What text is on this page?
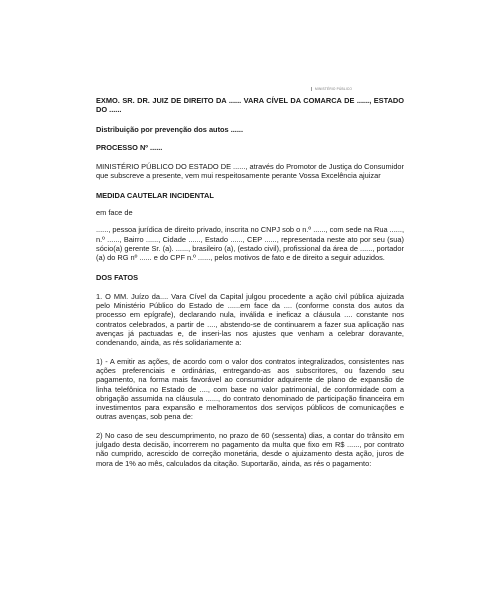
MINISTÉRIO PÚBLICO

EXMO. SR. DR. JUIZ DE DIREITO DA ...... VARA CÍVEL DA COMARCA DE ......, ESTADO DO ......

Distribuição por prevenção dos autos ......

PROCESSO Nº ......

MINISTÉRIO PÚBLICO DO ESTADO DE ......, através do Promotor de Justiça do Consumidor que subscreve a presente, vem mui respeitosamente perante Vossa Excelência ajuizar

MEDIDA CAUTELAR INCIDENTAL

em face de

......, pessoa jurídica de direito privado, inscrita no CNPJ sob o n.º ......, com sede na Rua ......, n.º ......, Bairro ......, Cidade ......, Estado ......, CEP ......, representada neste ato por seu (sua) sócio(a) gerente Sr. (a). ......, brasileiro (a), (estado civil), profissional da área de ......, portador (a) do RG nº ...... e do CPF n.º ......, pelos motivos de fato e de direito a seguir aduzidos.

DOS FATOS

1. O MM. Juízo da.... Vara Cível da Capital julgou procedente a ação civil pública ajuizada pelo Ministério Público do Estado de ......em face da .... (conforme consta dos autos da processo em epígrafe), declarando nula, inválida e ineficaz a cláusula .... constante nos contratos celebrados, a partir de ...., abstendo-se de continuarem a fazer sua aplicação nas avenças já pactuadas e, de inseri-las nos ajustes que venham a celebrar doravante, condenando, ainda, as rés solidariamente a:

1) - A emitir as ações, de acordo com o valor dos contratos integralizados, consistentes nas ações preferenciais e ordinárias, entregando-as aos subscritores, ou fazendo seu pagamento, na forma mais favorável ao consumidor adquirente de plano de expansão de linha telefônica no Estado de ...., com base no valor patrimonial, de conformidade com a obrigação assumida na cláusula ......, do contrato denominado de participação financeira em investimentos para expansão e melhoramentos dos serviços públicos de comunicações e outras avenças, sob pena de:

2) No caso de seu descumprimento, no prazo de 60 (sessenta) dias, a contar do trânsito em julgado desta decisão, incorrerem no pagamento da multa que fixo em R$ ......, por contrato não cumprido, acrescido de correção monetária, desde o ajuizamento desta ação, juros de mora de 1% ao mês, calculados da citação. Suportarão, ainda, as rés o pagamento:
